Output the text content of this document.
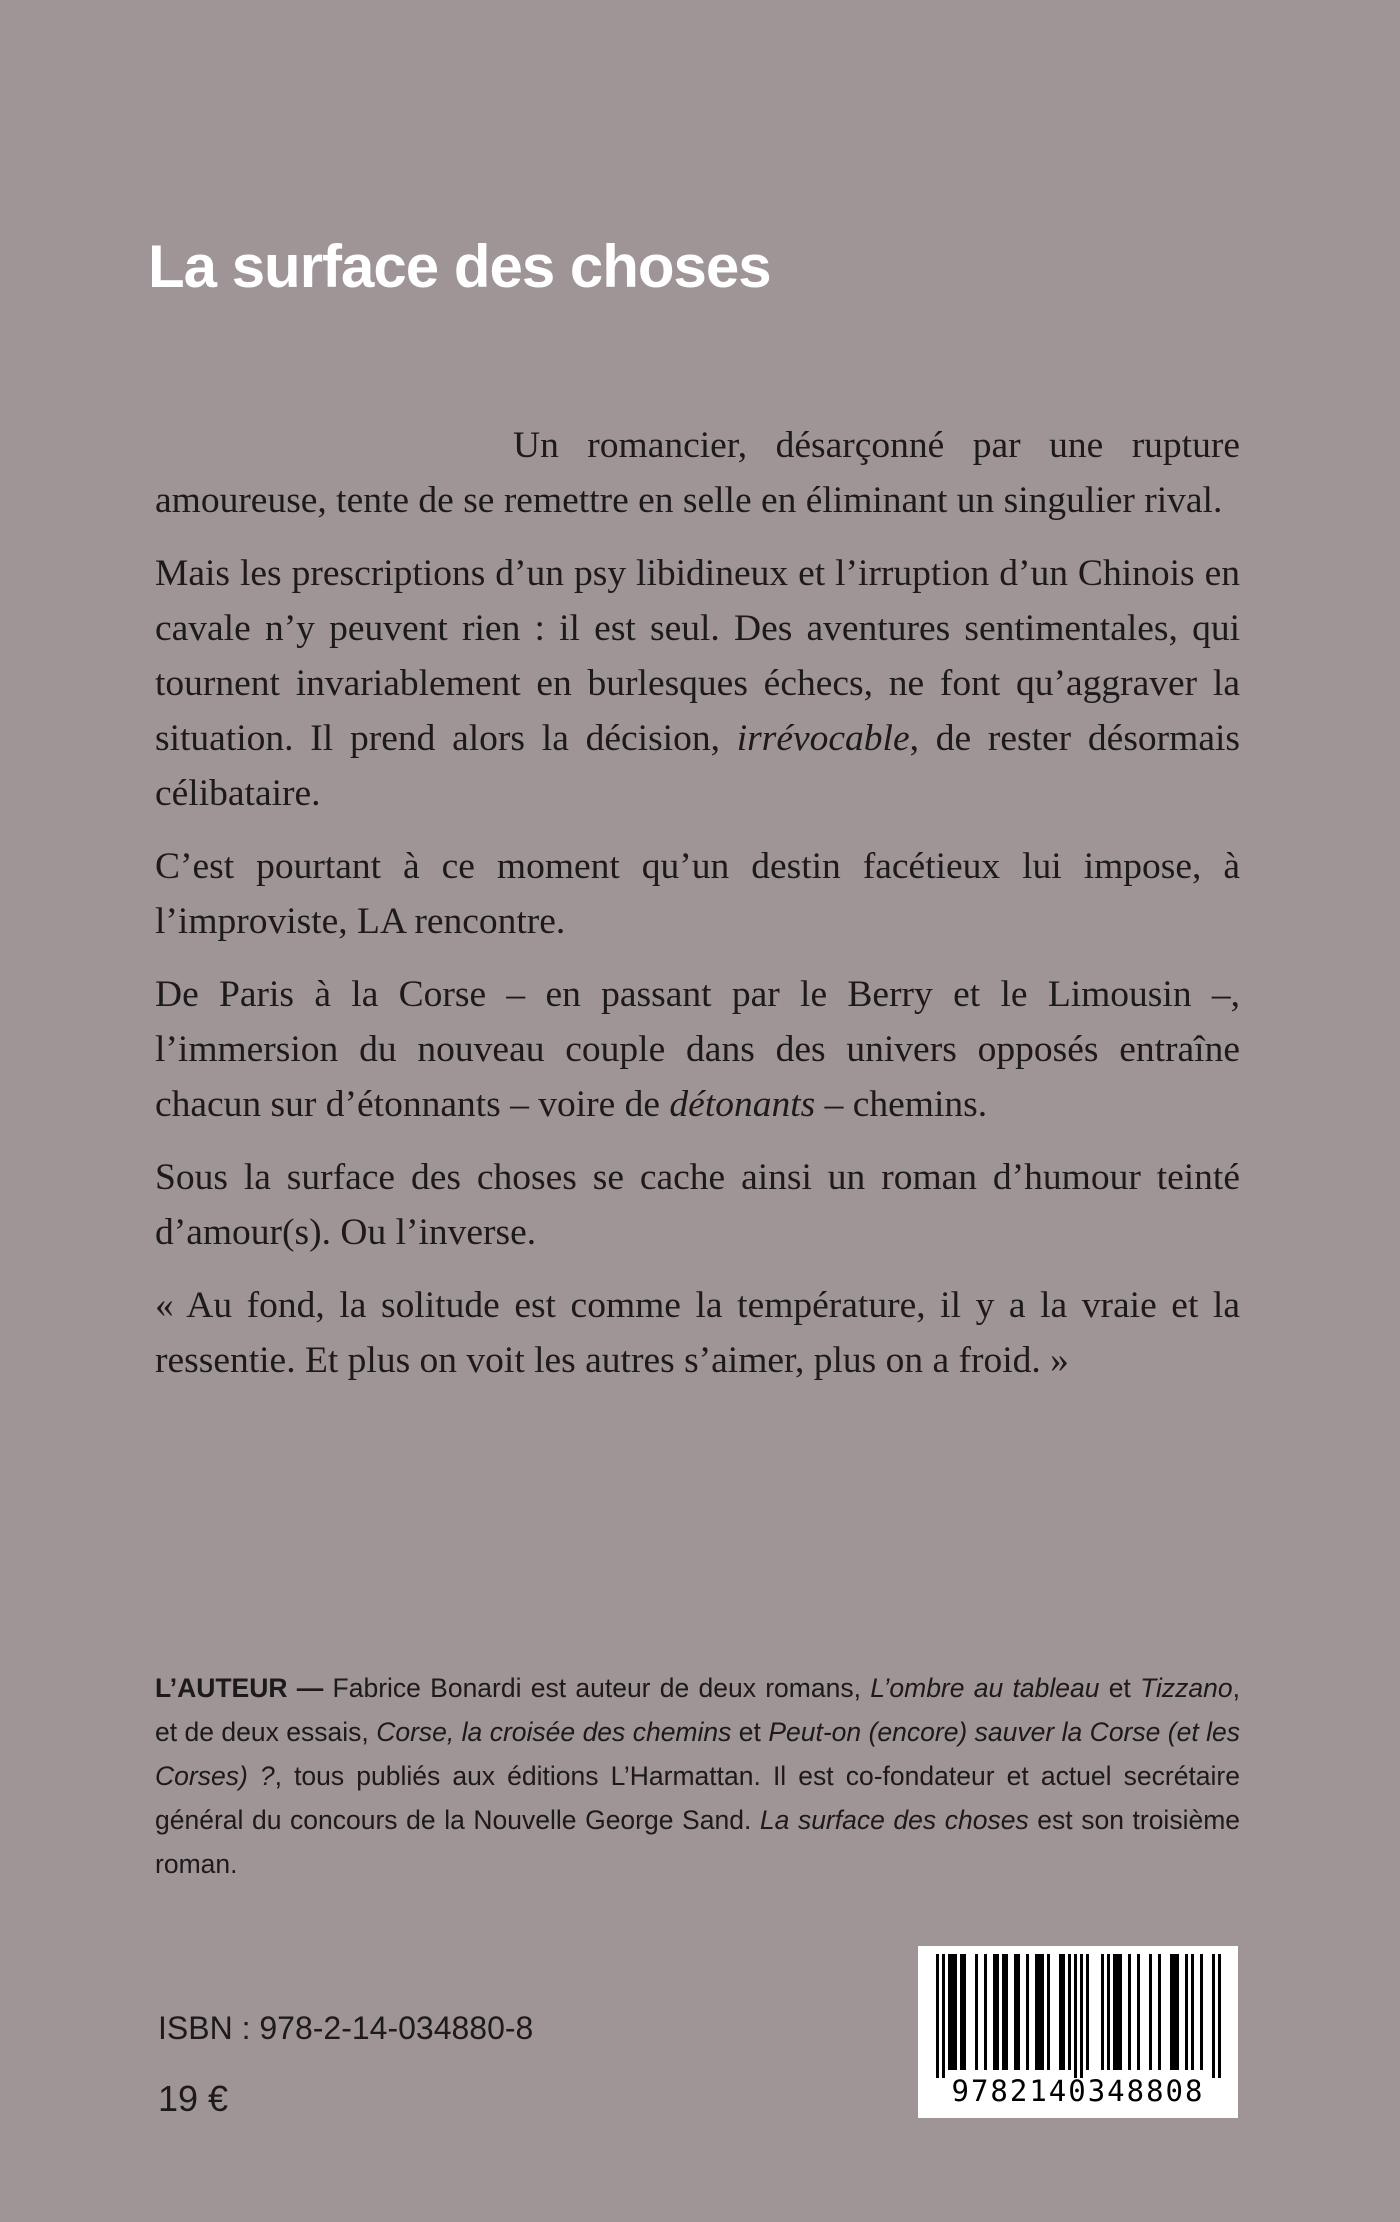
La surface des choses

Un romancier, désarçonné par une rupture amoureuse, tente de se remettre en selle en éliminant un singulier rival.

Mais les prescriptions d’un psy libidineux et l’irruption d’un Chinois en cavale n’y peuvent rien : il est seul. Des aventures sentimentales, qui tournent invariablement en burlesques échecs, ne font qu’aggraver la situation. Il prend alors la décision, irrévocable, de rester désormais célibataire.

C’est pourtant à ce moment qu’un destin facétieux lui impose, à l’improviste, LA rencontre.

De Paris à la Corse – en passant par le Berry et le Limousin –, l’immersion du nouveau couple dans des univers opposés entraîne chacun sur d’étonnants – voire de détonants – chemins.

Sous la surface des choses se cache ainsi un roman d’humour teinté d’amour(s). Ou l’inverse.

« Au fond, la solitude est comme la température, il y a la vraie et la ressentie. Et plus on voit les autres s’aimer, plus on a froid. »

L’AUTEUR — Fabrice Bonardi est auteur de deux romans, L’ombre au tableau et Tizzano, et de deux essais, Corse, la croisée des chemins et Peut-on (encore) sauver la Corse (et les Corses) ?, tous publiés aux éditions L’Harmattan. Il est co-fondateur et actuel secrétaire général du concours de la Nouvelle George Sand. La surface des choses est son troisième roman.

ISBN : 978-2-14-034880-8
19 €	9782140348808
